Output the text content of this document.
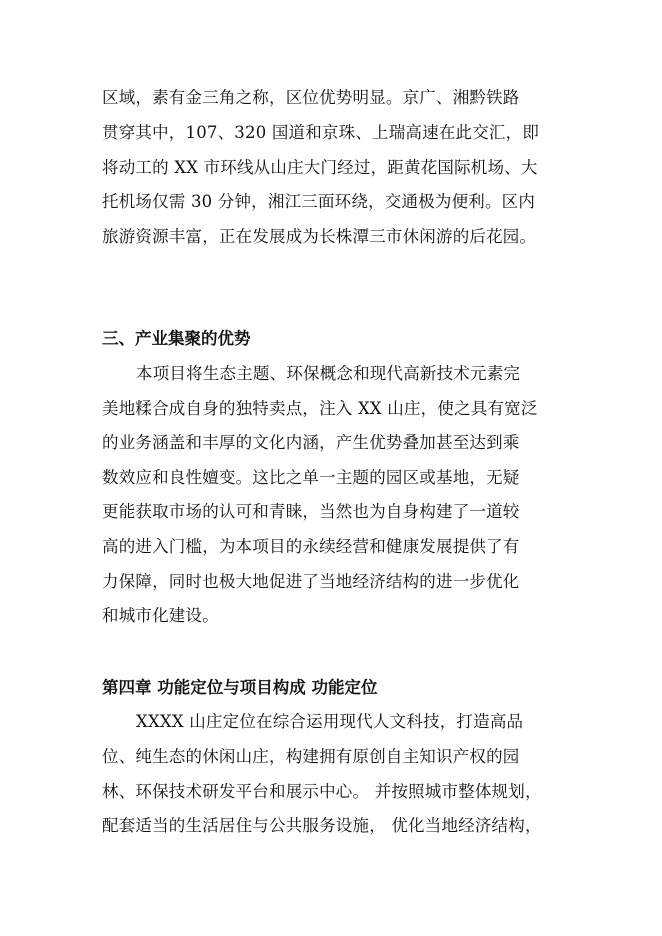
区域，素有金三角之称，区位优势明显。京广、湘黔铁路
贯穿其中，107、320 国道和京珠、上瑞高速在此交汇，即
将动工的 XX 市环线从山庄大门经过，距黄花国际机场、大
托机场仅需 30 分钟，湘江三面环绕，交通极为便利。区内
旅游资源丰富，正在发展成为长株潭三市休闲游的后花园。
三、产业集聚的优势
本项目将生态主题、环保概念和现代高新技术元素完
美地糅合成自身的独特卖点，注入 XX 山庄，使之具有宽泛
的业务涵盖和丰厚的文化内涵，产生优势叠加甚至达到乘
数效应和良性嬗变。这比之单一主题的园区或基地，无疑
更能获取市场的认可和青睐，当然也为自身构建了一道较
高的进入门槛，为本项目的永续经营和健康发展提供了有
力保障，同时也极大地促进了当地经济结构的进一步优化
和城市化建设。
第四章 功能定位与项目构成 功能定位
XXXX 山庄定位在综合运用现代人文科技，打造高品
位、纯生态的休闲山庄，构建拥有原创自主知识产权的园
林、环保技术研发平台和展示中心。 并按照城市整体规划，
配套适当的生活居住与公共服务设施， 优化当地经济结构，
